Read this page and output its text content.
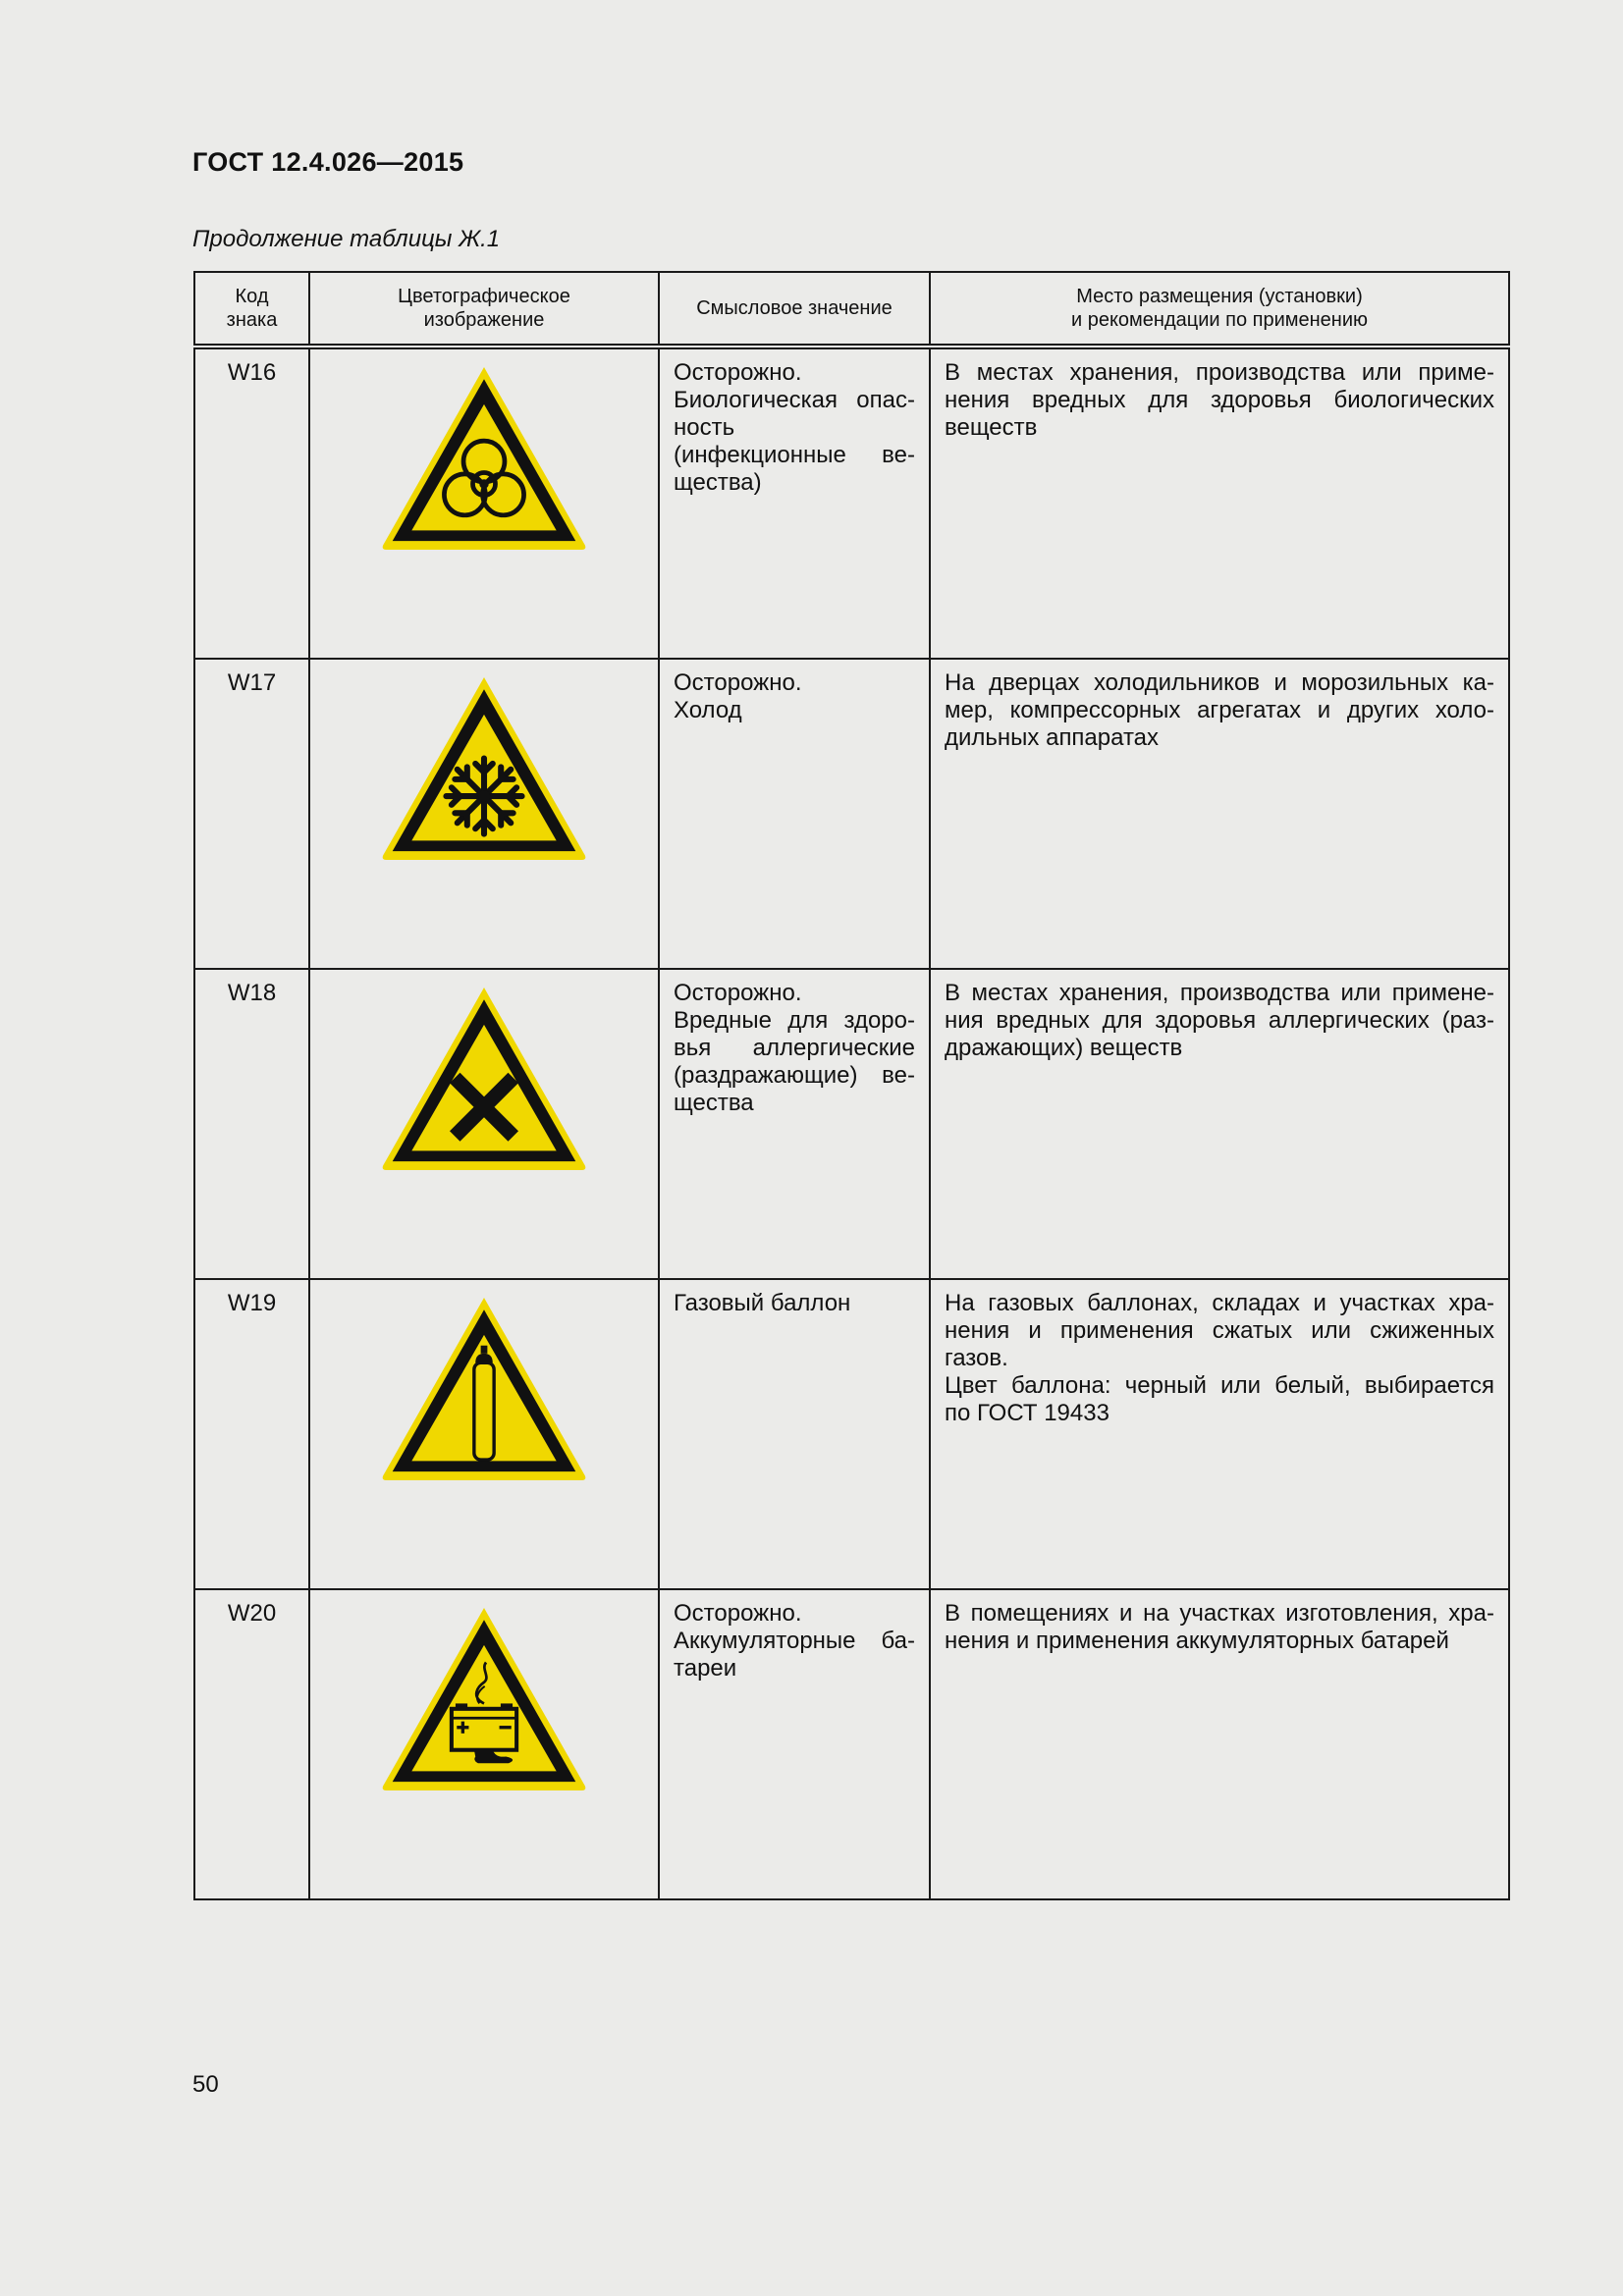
ГОСТ 12.4.026—2015
Продолжение таблицы Ж.1
Код
знака	Цветографическое
изображение	Смысловое значение	Место размещения (установки)
и рекомендации по применению

W16		Осторожно.
Биологическая опас-
ность
(инфекционные ве-
щества)	В местах хранения, производства или приме-
нения вредных для здоровья биологических
веществ

W17		Осторожно.
Холод	На дверцах холодильников и морозильных ка-
мер, компрессорных агрегатах и других холо-
дильных аппаратах

W18		Осторожно.
Вредные для здоро-
вья аллергические
(раздражающие) ве-
щества	В местах хранения, производства или примене-
ния вредных для здоровья аллергических (раз-
дражающих) веществ

W19		Газовый баллон	На газовых баллонах, складах и участках хра-
нения и применения сжатых или сжиженных
газов.
Цвет баллона: черный или белый, выбирается
по ГОСТ 19433

W20		Осторожно.
Аккумуляторные ба-
тареи	В помещениях и на участках изготовления, хра-
нения и применения аккумуляторных батарей
50
